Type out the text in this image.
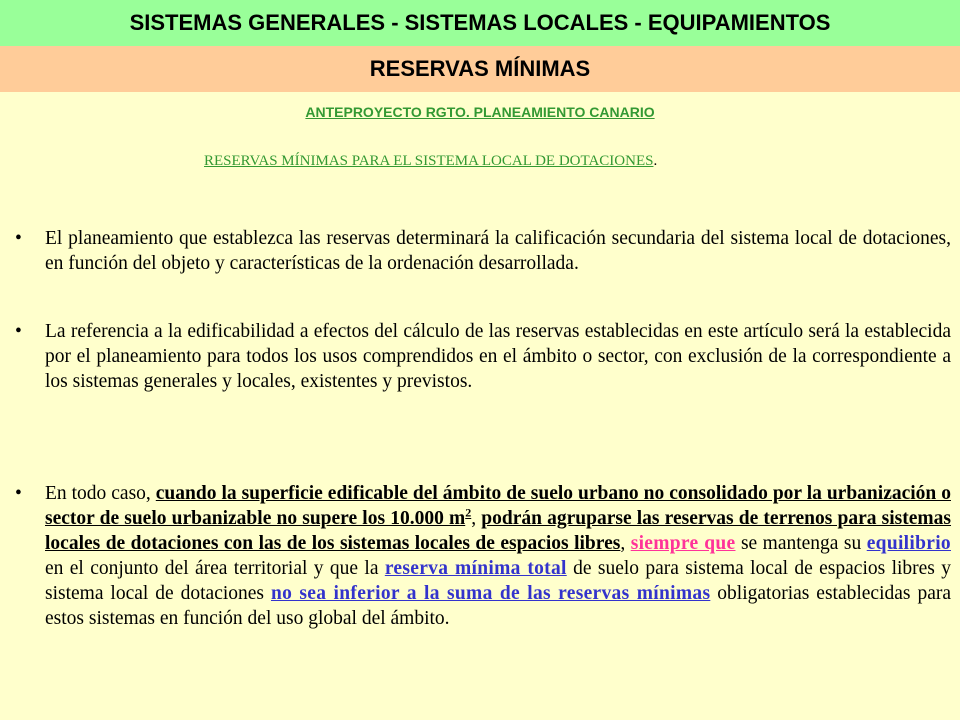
SISTEMAS GENERALES - SISTEMAS LOCALES - EQUIPAMIENTOS
RESERVAS MÍNIMAS
ANTEPROYECTO RGTO. PLANEAMIENTO CANARIO
RESERVAS MÍNIMAS PARA EL SISTEMA LOCAL DE DOTACIONES.
• El planeamiento que establezca las reservas determinará la calificación secundaria del sistema local de dotaciones, en función del objeto y características de la ordenación desarrollada.
• La referencia a la edificabilidad a efectos del cálculo de las reservas establecidas en este artículo será la establecida por el planeamiento para todos los usos comprendidos en el ámbito o sector, con exclusión de la correspondiente a los sistemas generales y locales, existentes y previstos.
• En todo caso, cuando la superficie edificable del ámbito de suelo urbano no consolidado por la urbanización o sector de suelo urbanizable no supere los 10.000 $m^2$, podrán agruparse las reservas de terrenos para sistemas locales de dotaciones con las de los sistemas locales de espacios libres, siempre que se mantenga su equilibrio en el conjunto del área territorial y que la reserva mínima total de suelo para sistema local de espacios libres y sistema local de dotaciones no sea inferior a la suma de las reservas mínimas obligatorias establecidas para estos sistemas en función del uso global del ámbito.
